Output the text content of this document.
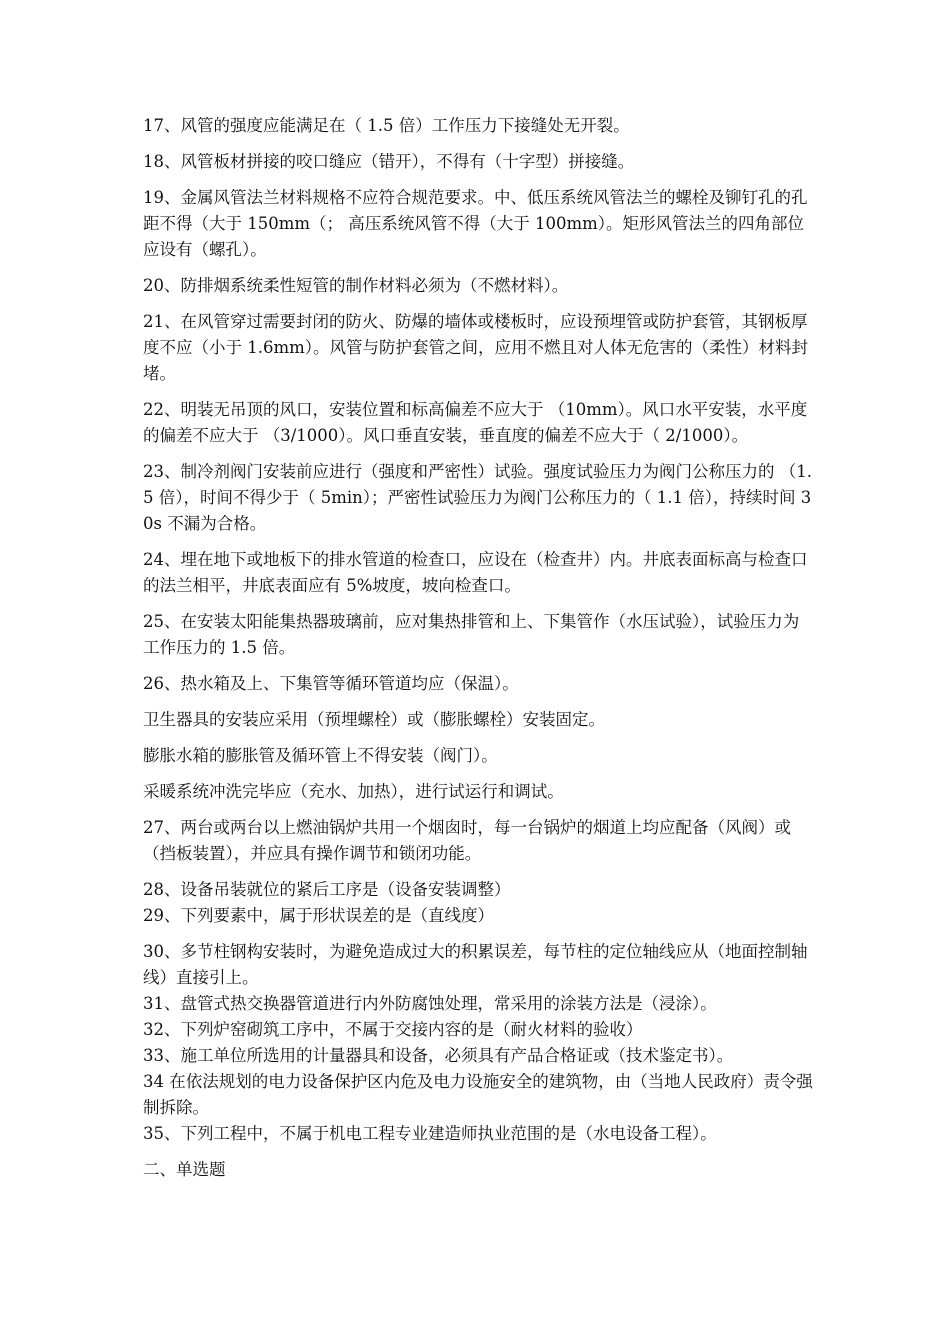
17、风管的强度应能满足在（ 1.5 倍）工作压力下接缝处无开裂。

18、风管板材拼接的咬口缝应（错开），不得有（十字型）拼接缝。

19、金属风管法兰材料规格不应符合规范要求。中、低压系统风管法兰的螺栓及铆钉孔的孔距不得（大于 150mm（； 高压系统风管不得（大于 100mm）。矩形风管法兰的四角部位应设有（螺孔）。

20、防排烟系统柔性短管的制作材料必须为（不燃材料）。

21、在风管穿过需要封闭的防火、防爆的墙体或楼板时，应设预埋管或防护套管，其钢板厚度不应（小于 1.6mm）。风管与防护套管之间，应用不燃且对人体无危害的（柔性）材料封堵。

22、明装无吊顶的风口，安装位置和标高偏差不应大于 （10mm）。风口水平安装，水平度的偏差不应大于 （3/1000）。风口垂直安装，垂直度的偏差不应大于（ 2/1000）。

23、制冷剂阀门安装前应进行（强度和严密性）试验。强度试验压力为阀门公称压力的 （1.5 倍），时间不得少于（ 5min）；严密性试验压力为阀门公称压力的（ 1.1 倍），持续时间 30s 不漏为合格。

24、埋在地下或地板下的排水管道的检查口，应设在（检查井）内。井底表面标高与检查口的法兰相平，井底表面应有 5%坡度，坡向检查口。

25、在安装太阳能集热器玻璃前，应对集热排管和上、下集管作（水压试验），试验压力为工作压力的 1.5 倍。

26、热水箱及上、下集管等循环管道均应（保温）。

卫生器具的安装应采用（预埋螺栓）或（膨胀螺栓）安装固定。

膨胀水箱的膨胀管及循环管上不得安装（阀门）。

采暖系统冲洗完毕应（充水、加热），进行试运行和调试。

27、两台或两台以上燃油锅炉共用一个烟囱时，每一台锅炉的烟道上均应配备（风阀）或（挡板装置），并应具有操作调节和锁闭功能。

28、设备吊装就位的紧后工序是（设备安装调整）

29、下列要素中，属于形状误差的是（直线度）

30、多节柱钢构安装时，为避免造成过大的积累误差，每节柱的定位轴线应从（地面控制轴线）直接引上。

31、盘管式热交换器管道进行内外防腐蚀处理，常采用的涂装方法是（浸涂）。

32、下列炉窑砌筑工序中，不属于交接内容的是（耐火材料的验收）

33、施工单位所选用的计量器具和设备，必须具有产品合格证或（技术鉴定书）。

34 在依法规划的电力设备保护区内危及电力设施安全的建筑物，由（当地人民政府）责令强制拆除。

35、下列工程中，不属于机电工程专业建造师执业范围的是（水电设备工程）。

二、单选题
